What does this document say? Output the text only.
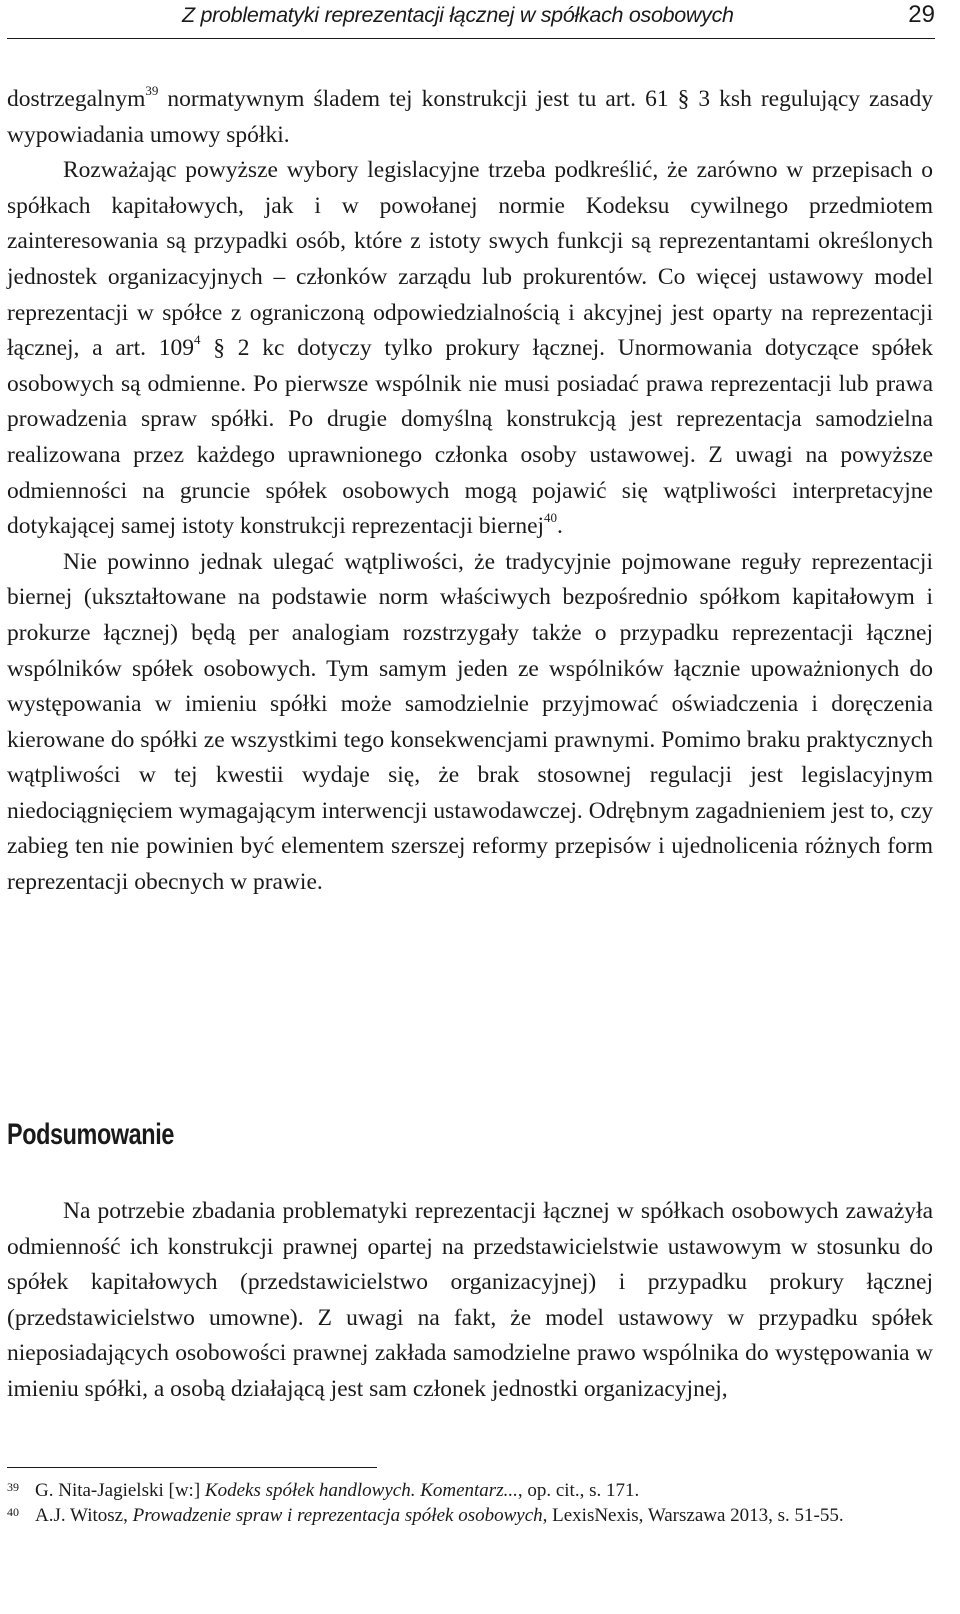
Z problematyki reprezentacji łącznej w spółkach osobowych	29

dostrzegalnym$^{39}$ normatywnym śladem tej konstrukcji jest tu art. 61 § 3 ksh regulujący zasady wypowiadania umowy spółki.

Rozważając powyższe wybory legislacyjne trzeba podkreślić, że zarówno w przepisach o spółkach kapitałowych, jak i w powołanej normie Kodeksu cywilnego przedmiotem zainteresowania są przypadki osób, które z istoty swych funkcji są reprezentantami określonych jednostek organizacyjnych – członków zarządu lub prokurentów. Co więcej ustawowy model reprezentacji w spółce z ograniczoną odpowiedzialnością i akcyjnej jest oparty na reprezentacji łącznej, a art. $109^4$ § 2 kc dotyczy tylko prokury łącznej. Unormowania dotyczące spółek osobowych są odmienne. Po pierwsze wspólnik nie musi posiadać prawa reprezentacji lub prawa prowadzenia spraw spółki. Po drugie domyślną konstrukcją jest reprezentacja samodzielna realizowana przez każdego uprawnionego członka osoby ustawowej. Z uwagi na powyższe odmienności na gruncie spółek osobowych mogą pojawić się wątpliwości interpretacyjne dotykającej samej istoty konstrukcji reprezentacji biernej$^{40}$.

Nie powinno jednak ulegać wątpliwości, że tradycyjnie pojmowane reguły reprezentacji biernej (ukształtowane na podstawie norm właściwych bezpośrednio spółkom kapitałowym i prokurze łącznej) będą per analogiam rozstrzygały także o przypadku reprezentacji łącznej wspólników spółek osobowych. Tym samym jeden ze wspólników łącznie upoważnionych do występowania w imieniu spółki może samodzielnie przyjmować oświadczenia i doręczenia kierowane do spółki ze wszystkimi tego konsekwencjami prawnymi. Pomimo braku praktycznych wątpliwości w tej kwestii wydaje się, że brak stosownej regulacji jest legislacyjnym niedociągnięciem wymagającym interwencji ustawodawczej. Odrębnym zagadnieniem jest to, czy zabieg ten nie powinien być elementem szerszej reformy przepisów i ujednolicenia różnych form reprezentacji obecnych w prawie.

Podsumowanie

Na potrzebie zbadania problematyki reprezentacji łącznej w spółkach osobowych zaważyła odmienność ich konstrukcji prawnej opartej na przedstawicielstwie ustawowym w stosunku do spółek kapitałowych (przedstawicielstwo organizacyjnej) i przypadku prokury łącznej (przedstawicielstwo umowne). Z uwagi na fakt, że model ustawowy w przypadku spółek nieposiadających osobowości prawnej zakłada samodzielne prawo wspólnika do występowania w imieniu spółki, a osobą działającą jest sam członek jednostki organizacyjnej,

39 G. Nita-Jagielski [w:] Kodeks spółek handlowych. Komentarz..., op. cit., s. 171.
40 A.J. Witosz, Prowadzenie spraw i reprezentacja spółek osobowych, LexisNexis, Warszawa 2013, s. 51-55.
